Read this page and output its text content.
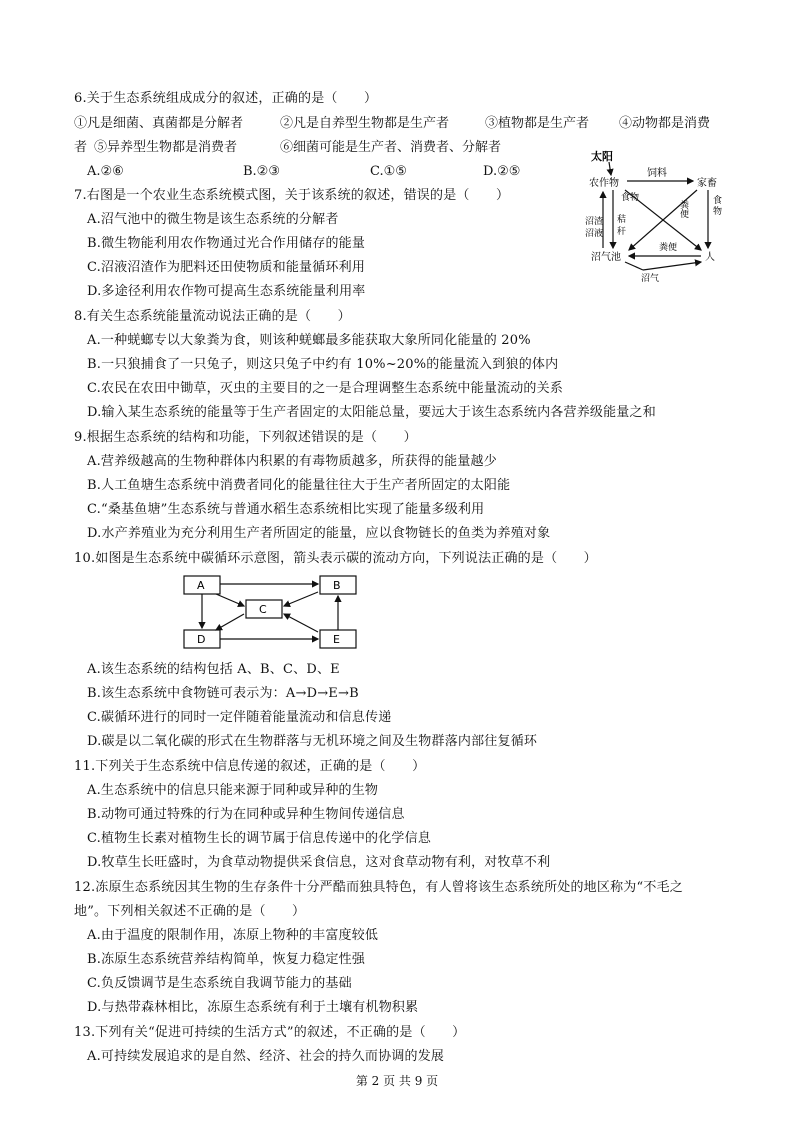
6.关于生态系统组成成分的叙述，正确的是（　　）
①凡是细菌、真菌都是分解者	②凡是自养型生物都是生产者	③植物都是生产者 ④动物都是消费
者 ⑤异养型生物都是消费者	⑥细菌可能是生产者、消费者、分解者
A.②⑥	B.②③	C.①⑤	D.②⑤
7.右图是一个农业生态系统模式图，关于该系统的叙述，错误的是（　　）
A.沼气池中的微生物是该生态系统的分解者
B.微生物能利用农作物通过光合作用储存的能量
C.沼液沼渣作为肥料还田使物质和能量循环利用
D.多途径利用农作物可提高生态系统能量利用率
太阳
农作物	家畜
饲料
食物
粪便	食
物
秸
秆
沼渣
沼液
沼气池
粪便
人
沼气
8.有关生态系统能量流动说法正确的是（　　）
A.一种蜣螂专以大象粪为食，则该种蜣螂最多能获取大象所同化能量的 20%
B.一只狼捕食了一只兔子，则这只兔子中约有 10%~20%的能量流入到狼的体内
C.农民在农田中锄草，灭虫的主要目的之一是合理调整生态系统中能量流动的关系
D.输入某生态系统的能量等于生产者固定的太阳能总量，要远大于该生态系统内各营养级能量之和
9.根据生态系统的结构和功能，下列叙述错误的是（　　）
A.营养级越高的生物种群体内积累的有毒物质越多，所获得的能量越少
B.人工鱼塘生态系统中消费者同化的能量往往大于生产者所固定的太阳能
C.“桑基鱼塘”生态系统与普通水稻生态系统相比实现了能量多级利用
D.水产养殖业为充分利用生产者所固定的能量，应以食物链长的鱼类为养殖对象
10.如图是生态系统中碳循环示意图，箭头表示碳的流动方向，下列说法正确的是（　　）
A	B
C
D	E
A.该生态系统的结构包括 A、B、C、D、E
B.该生态系统中食物链可表示为：A→D→E→B
C.碳循环进行的同时一定伴随着能量流动和信息传递
D.碳是以二氧化碳的形式在生物群落与无机环境之间及生物群落内部往复循环
11.下列关于生态系统中信息传递的叙述，正确的是（　　）
A.生态系统中的信息只能来源于同种或异种的生物
B.动物可通过特殊的行为在同种或异种生物间传递信息
C.植物生长素对植物生长的调节属于信息传递中的化学信息
D.牧草生长旺盛时，为食草动物提供采食信息，这对食草动物有利，对牧草不利
12.冻原生态系统因其生物的生存条件十分严酷而独具特色，有人曾将该生态系统所处的地区称为“不毛之
地”。下列相关叙述不正确的是（　　）
A.由于温度的限制作用，冻原上物种的丰富度较低
B.冻原生态系统营养结构简单，恢复力稳定性强
C.负反馈调节是生态系统自我调节能力的基础
D.与热带森林相比，冻原生态系统有利于土壤有机物积累
13.下列有关“促进可持续的生活方式”的叙述，不正确的是（　　）
A.可持续发展追求的是自然、经济、社会的持久而协调的发展
第 2 页 共 9 页
